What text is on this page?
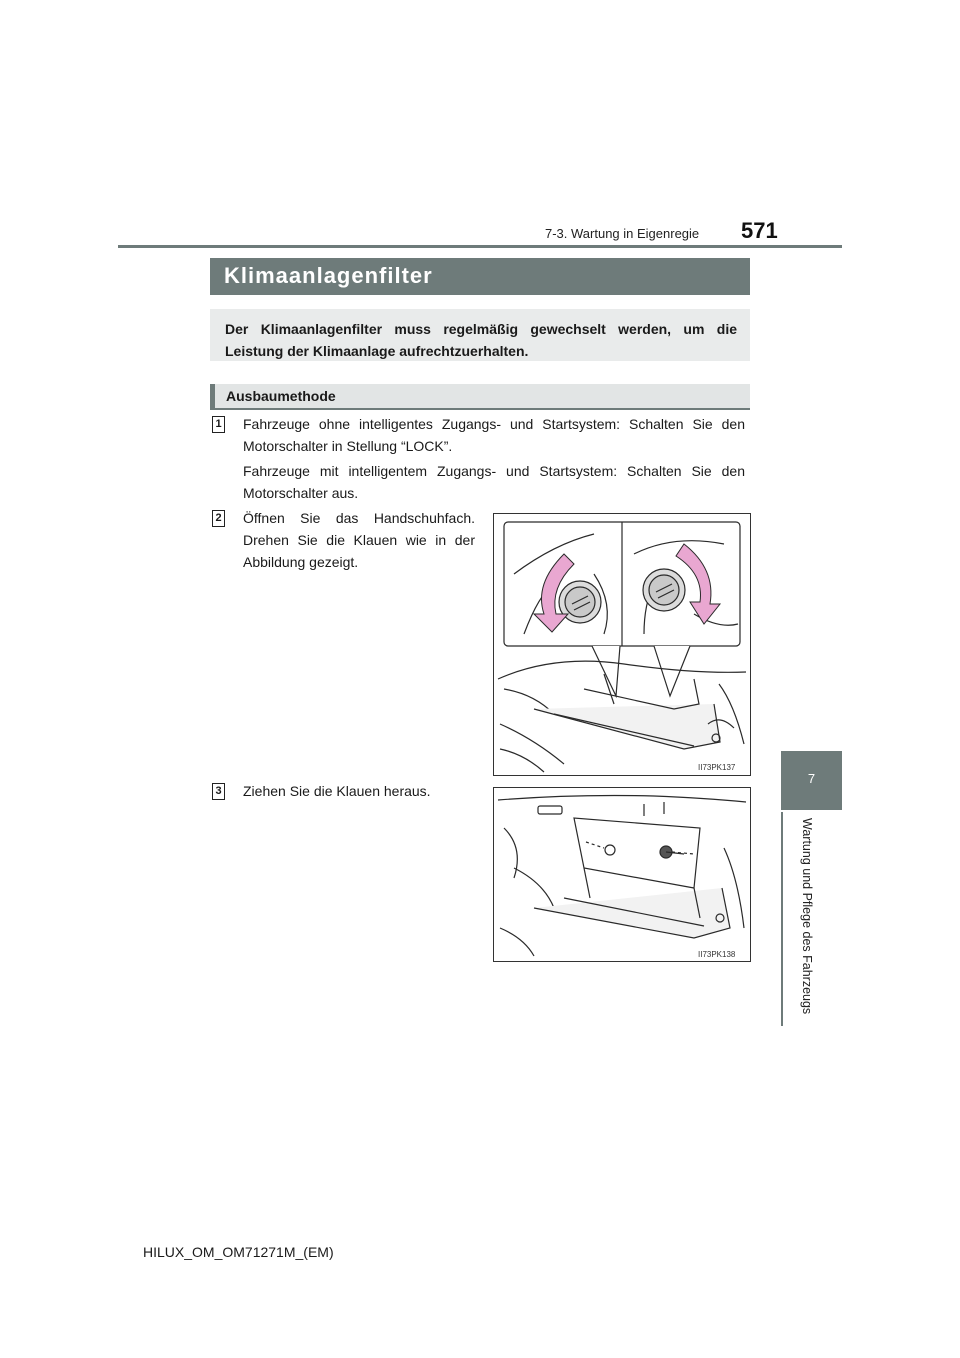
7-3. Wartung in Eigenregie 571
7
Wartung und Pflege des Fahrzeugs
Klimaanlagenfilter
Der Klimaanlagenfilter muss regelmäßig gewechselt werden, um die Leistung der Klimaanlage aufrechtzuerhalten.
Ausbaumethode
1 Fahrzeuge ohne intelligentes Zugangs- und Startsystem: Schalten Sie den Motorschalter in Stellung “LOCK”.
Fahrzeuge mit intelligentem Zugangs- und Startsystem: Schalten Sie den Motorschalter aus.
2 Öffnen Sie das Handschuhfach. Drehen Sie die Klauen wie in der Abbildung gezeigt.
II73PK137
3 Ziehen Sie die Klauen heraus.
II73PK138
HILUX_OM_OM71271M_(EM)
